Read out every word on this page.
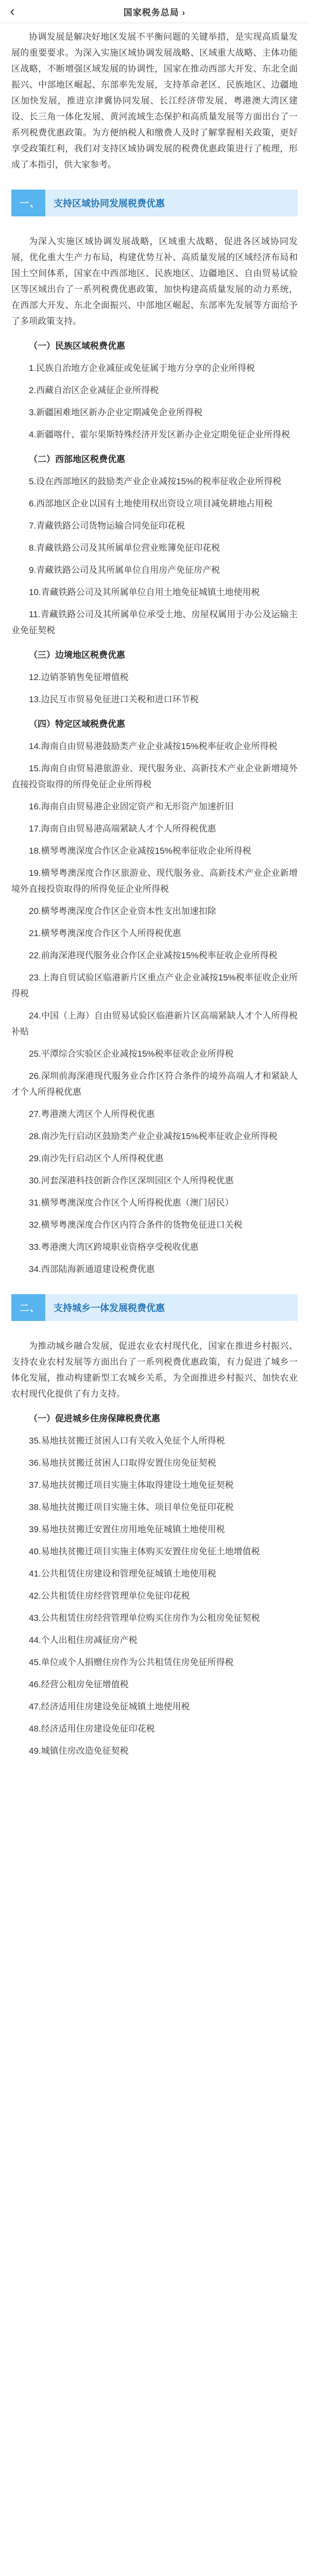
‹	国家税务总局 ›

协调发展是解决好地区发展不平衡问题的关键举措，是实现高质量发展的重要要求。为深入实施区域协调发展战略、区域重大战略、主体功能区战略，不断增强区域发展的协调性，国家在推动西部大开发、东北全面振兴、中部地区崛起、东部率先发展，支持革命老区、民族地区、边疆地区加快发展，推进京津冀协同发展、长江经济带发展、粤港澳大湾区建设、长三角一体化发展、黄河流域生态保护和高质量发展等方面出台了一系列税费优惠政策。为方便纳税人和缴费人及时了解掌握相关政策，更好享受政策红利，我们对支持区域协调发展的税费优惠政策进行了梳理，形成了本指引，供大家参考。

一、	支持区域协同发展税费优惠

为深入实施区域协调发展战略，区域重大战略，促进各区域协同发展，优化重大生产力布局，构建优势互补、高质量发展的区域经济布局和国土空间体系，国家在中西部地区、民族地区、边疆地区、自由贸易试验区等区域出台了一系列税费优惠政策，加快构建高质量发展的动力系统，在西部大开发、东北全面振兴、中部地区崛起、东部率先发展等方面给予了多项政策支持。

（一）民族区域税费优惠

1.民族自治地方企业减征或免征属于地方分享的企业所得税

2.西藏自治区企业减征企业所得税

3.新疆困难地区新办企业定期减免企业所得税

4.新疆喀什、霍尔果斯特殊经济开发区新办企业定期免征企业所得税

（二）西部地区税费优惠

5.设在西部地区的鼓励类产业企业减按15%的税率征收企业所得税

6.西部地区企业以国有土地使用权出资设立项目减免耕地占用税

7.青藏铁路公司货物运输合同免征印花税

8.青藏铁路公司及其所属单位营业账簿免征印花税

9.青藏铁路公司及其所属单位自用房产免征房产税

10.青藏铁路公司及其所属单位自用土地免征城镇土地使用税

11.青藏铁路公司及其所属单位承受土地、房屋权属用于办公及运输主业免征契税

（三）边境地区税费优惠

12.边销茶销售免征增值税

13.边民互市贸易免征进口关税和进口环节税

（四）特定区域税费优惠

14.海南自由贸易港鼓励类产业企业减按15%税率征收企业所得税

15.海南自由贸易港旅游业、现代服务业、高新技术产业企业新增境外直接投资取得的所得免征企业所得税

16.海南自由贸易港企业固定资产和无形资产加速折旧

17.海南自由贸易港高端紧缺人才个人所得税优惠

18.横琴粤澳深度合作区企业减按15%税率征收企业所得税

19.横琴粤澳深度合作区旅游业、现代服务业、高新技术产业企业新增境外直接投资取得的所得免征企业所得税

20.横琴粤澳深度合作区企业资本性支出加速扣除

21.横琴粤澳深度合作区个人所得税优惠

22.前海深港现代服务业合作区企业减按15%税率征收企业所得税

23.上海自贸试验区临港新片区重点产业企业减按15%税率征收企业所得税

24.中国（上海）自由贸易试验区临港新片区高端紧缺人才个人所得税补贴

25.平潭综合实验区企业减按15%税率征收企业所得税

26.深圳前海深港现代服务业合作区符合条件的境外高端人才和紧缺人才个人所得税优惠

27.粤港澳大湾区个人所得税优惠

28.南沙先行启动区鼓励类产业企业减按15%税率征收企业所得税

29.南沙先行启动区个人所得税优惠

30.河套深港科技创新合作区深圳园区个人所得税优惠

31.横琴粤澳深度合作区个人所得税优惠（澳门居民）

32.横琴粤澳深度合作区内符合条件的货物免征进口关税

33.粤港澳大湾区跨境职业资格享受税收优惠

34.西部陆海新通道建设税费优惠

二、	支持城乡一体发展税费优惠

为推动城乡融合发展，促进农业农村现代化，国家在推进乡村振兴、支持农业农村发展等方面出台了一系列税费优惠政策，有力促进了城乡一体化发展，推动构建新型工农城乡关系，为全面推进乡村振兴、加快农业农村现代化提供了有力支持。

（一）促进城乡住房保障税费优惠

35.易地扶贫搬迁贫困人口有关收入免征个人所得税

36.易地扶贫搬迁贫困人口取得安置住房免征契税

37.易地扶贫搬迁项目实施主体取得建设土地免征契税

38.易地扶贫搬迁项目实施主体、项目单位免征印花税

39.易地扶贫搬迁安置住房用地免征城镇土地使用税

40.易地扶贫搬迁项目实施主体购买安置住房免征土地增值税

41.公共租赁住房建设和管理免征城镇土地使用税

42.公共租赁住房经营管理单位免征印花税

43.公共租赁住房经营管理单位购买住房作为公租房免征契税

44.个人出租住房减征房产税

45.单位或个人捐赠住房作为公共租赁住房免征所得税

46.经营公租房免征增值税

47.经济适用住房建设免征城镇土地使用税

48.经济适用住房建设免征印花税

49.城镇住房改造免征契税
